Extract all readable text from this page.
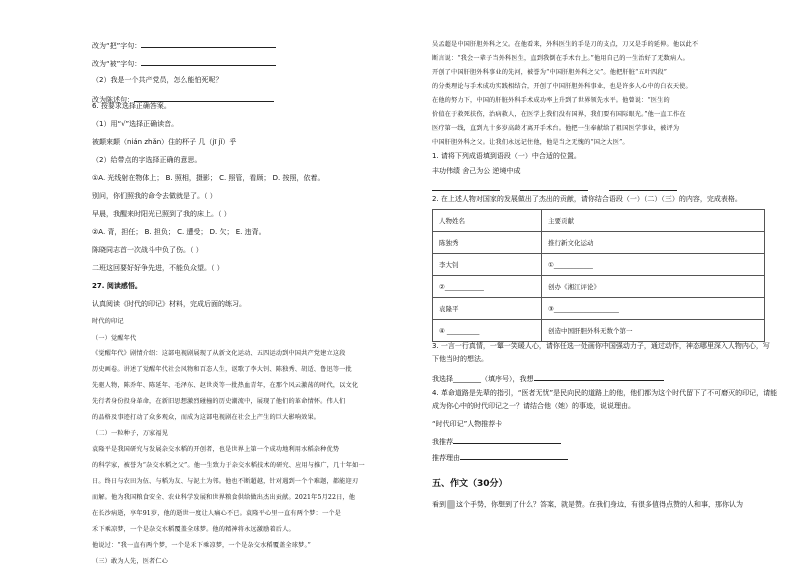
改为“把”字句：
改为“被”字句：
（2）我是一个共产党员，怎么能怕死呢？
改为陈述句：
6. 按要求选择正确答案。
（1）用“√”选择正确读音。
被颠來颠（nián zhǎn）住的杯子 几（jī jǐ）乎
（2）给带点的字选择正确的意思。
①A. 光线射在物体上； B. 照相，摄影； C. 照管，看顾； D. 按照，依着。
别问，你们照我的命令去做就是了。（ ）
早晨，我醒来时阳光已照到了我的床上。（ ）
②A. 背，担任； B. 担负； C. 遭受； D. 欠； E. 违背。
陈晓同志首一次战斗中负了伤。（ ）
二班这回要好好争先进，不能负众望。（ ）
27. 阅读感悟。
认真阅读《时代的印记》材料，完成后面的练习。
时代的印记
（一）觉醒年代
《觉醒年代》剧情介绍：这部电视剧展现了从新文化运动、五四运动到中国共产党建立这段
历史画卷。讲述了觉醒年代社会风物和百态人生，讴歌了李大钊、陈独秀、胡适、鲁迅等一批
先驱人物，陈乔年、陈延年、毛泽东、赵世炎等一批热血青年，在那个风云激荡的时代，以文化
先行者身份投身革命，在新旧思想激烈碰撞的历史潮流中，展现了他们的革命情怀。伟人们
的品格及事迹打动了众多观众，而成为这部电视剧在社会上产生的巨大影响效果。
（二）一粒种子，万家福见
袁隆平是我国研究与发展杂交水稻的开创者，也是世界上第一个成功地利用水稻杂种优势
的科学家，被誉为“杂交水稻之父”。他一生致力于杂交水稻技术的研究、应用与推广，几十年如一
日。终日与农田为伍、与稻为友、与泥土为邻。他也不断超越，针对遇到一个个难题，都能迎刃
而解。他为我国粮食安全、农业科学发展和世界粮食供给做出杰出贡献。2021年5月22日，他
在长沙病逝，享年91岁，他的逝世一度让人痛心不已。袁隆平心里一直有两个梦：一个是
禾下乘凉梦，一个是杂交水稻覆盖全球梦。他的精神将永远激励着后人。
他说过：“我一直有两个梦，一个是禾下乘凉梦，一个是杂交水稻覆盖全球梦。”
（三）敢为人先，医者仁心
吴孟超是中国肝胆外科之父。在他看来，外科医生的手是刀的支点，刀又是手的延伸。他以此不
断言说：“我会一辈子当外科医生，直到我倒在手术台上。”他用自己的一生治好了无数病人。
开创了中国肝胆外科事业的先河，被誉为“中国肝胆外科之父”。他把肝脏“五叶四段”
的分类理论与手术成功实践相结合，开创了中国肝胆外科事业，也是许多人心中的白衣天使。
在他的努力下，中国的肝脏外科手术成功率上升到了世界领先水平。他曾说：“医生的
价值在于救死扶伤，治病救人，在医学上我们没有国界，我们要有国际眼光。”他一直工作在
医疗第一线，直到九十多岁高龄才离开手术台。他把一生奉献给了祖国医学事业，被评为
中国肝胆外科之父。让我们永远记住他，他是当之无愧的“国之大医”。
1. 请将下列成语填到语段（一）中合适的位置。
丰功伟绩 舍己为公 逆境中成

2. 在上述人物对国家的发展做出了杰出的贡献，请你结合语段（一）（二）（三）的内容，完成表格。
人物姓名	主要贡献
陈独秀	推行新文化运动
李大钊	①____________
②____________	创办《湘江评论》
袁隆平	③____________________
④ __________	创造中国肝胆外科无数个第一
3. 一言一行真情，一颦一笑暖人心，请你任选一处画你中国强动力子，通过动作，神态哪里深入人物内心，写
下他当时的想法。
我选择________（填序号），我想
4. 革命道路是先辈的指引，“医者无忧”是民向民的道路上的他，他们都为这个时代留下了不可磨灭的印记，请能
成为你心中的时代印记之一？请结合他（她）的事迹，说说理由。
“时代印记”人物推荐卡
我推荐
推荐理由
五、作文（30分）
看到 这个手势，你想到了什么？答案，就是赞。在我们身边，有很多值得点赞的人和事，那你认为
